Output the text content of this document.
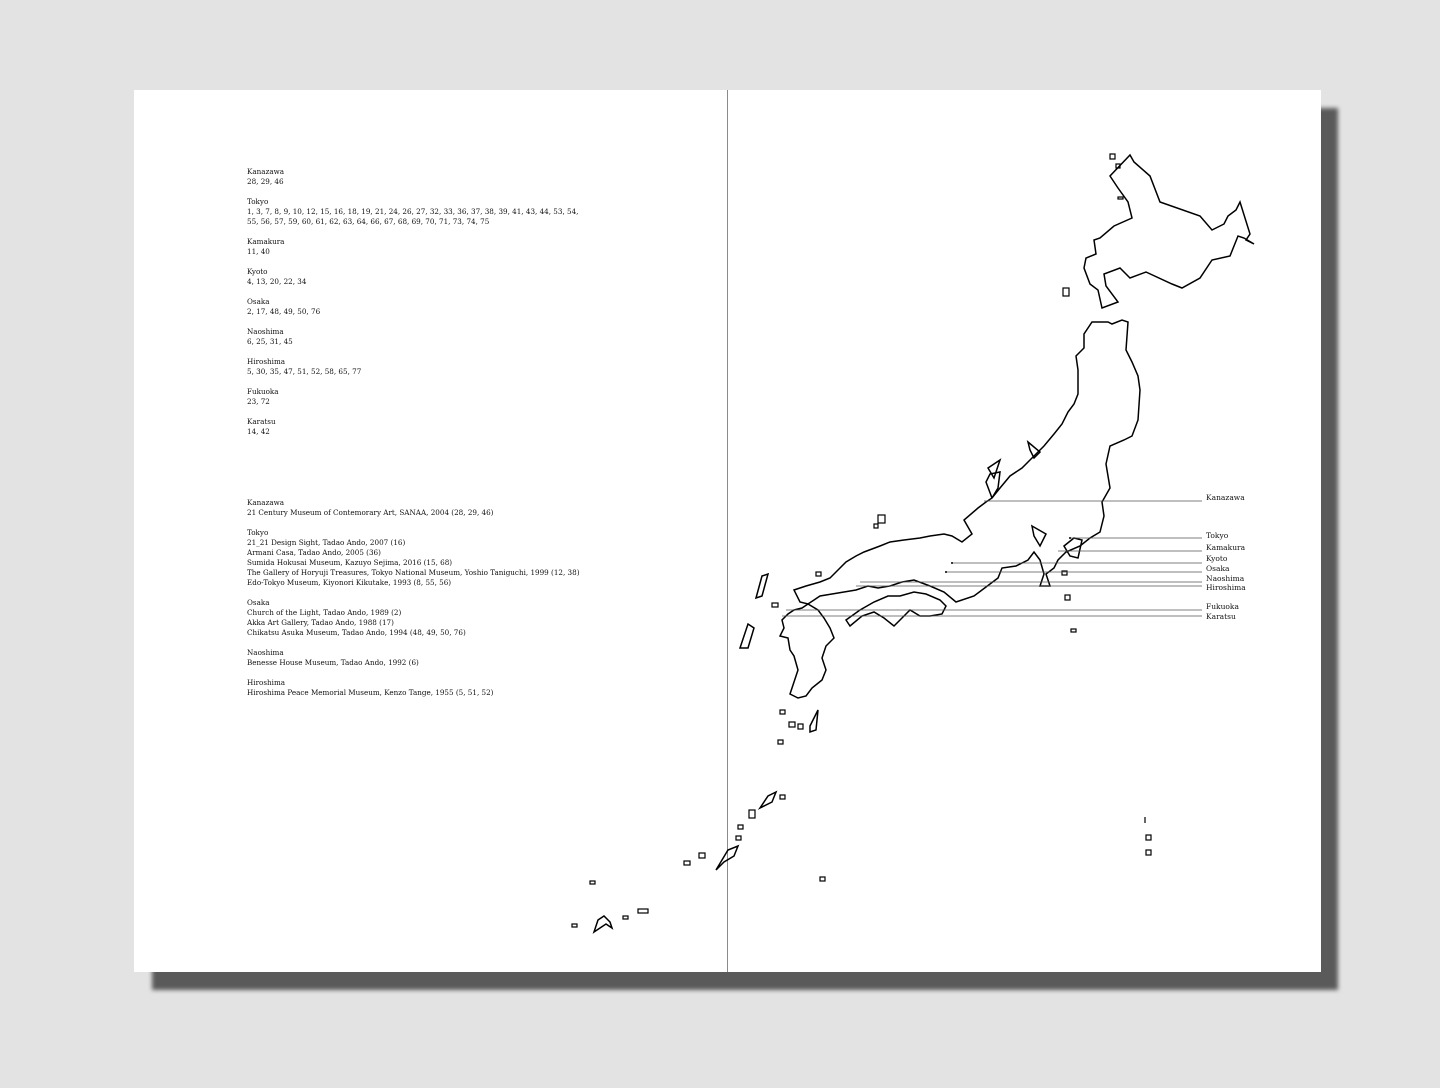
Kanazawa
28, 29, 46
Tokyo
1, 3, 7, 8, 9, 10, 12, 15, 16, 18, 19, 21, 24, 26, 27, 32, 33, 36, 37, 38, 39, 41, 43, 44, 53, 54,
55, 56, 57, 59, 60, 61, 62, 63, 64, 66, 67, 68, 69, 70, 71, 73, 74, 75
Kamakura
11, 40
Kyoto
4, 13, 20, 22, 34
Osaka
2, 17, 48, 49, 50, 76
Naoshima
6, 25, 31, 45
Hiroshima
5, 30, 35, 47, 51, 52, 58, 65, 77
Fukuoka
23, 72
Karatsu
14, 42
Kanazawa
21 Century Museum of Contemorary Art, SANAA, 2004 (28, 29, 46)
Tokyo
21_21 Design Sight, Tadao Ando, 2007 (16)
Armani Casa, Tadao Ando, 2005 (36)
Sumida Hokusai Museum, Kazuyo Sejima, 2016 (15, 68)
The Gallery of Horyuji Treasures, Tokyo National Museum, Yoshio Taniguchi, 1999 (12, 38)
Edo-Tokyo Museum, Kiyonori Kikutake, 1993 (8, 55, 56)
Osaka
Church of the Light, Tadao Ando, 1989 (2)
Akka Art Gallery, Tadao Ando, 1988 (17)
Chikatsu Asuka Museum, Tadao Ando, 1994 (48, 49, 50, 76)
Naoshima
Benesse House Museum, Tadao Ando, 1992 (6)
Hiroshima
Hiroshima Peace Memorial Museum, Kenzo Tange, 1955 (5, 51, 52)
Kanazawa
Tokyo
Kamakura
Kyoto
Osaka
Naoshima
Hiroshima
Fukuoka
Karatsu
